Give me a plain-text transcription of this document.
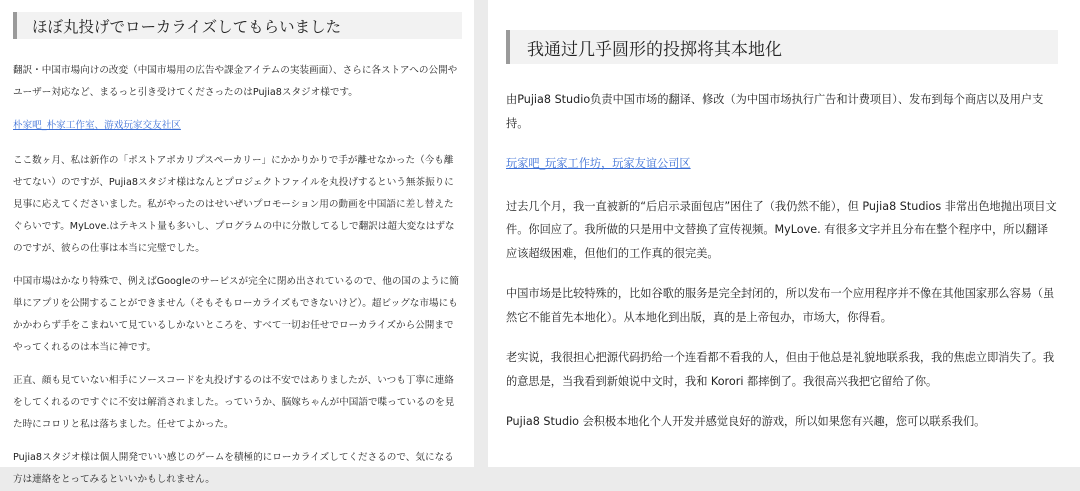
ほぼ丸投げでローカライズしてもらいました

翻訳・中国市場向けの改変（中国市場用の広告や課金アイテムの実装画面）、さらに各ストアへの公開やユーザー対応など、まるっと引き受けてくださったのはPujia8スタジオ様です。

朴家吧_朴家工作室、游戏玩家交友社区

ここ数ヶ月、私は新作の「ポストアポカリプスペーカリー」にかかりかりで手が離せなかった（今も離せてない）のですが、Pujia8スタジオ様はなんとプロジェクトファイルを丸投げするという無茶振りに見事に応えてくださいました。私がやったのはせいぜいプロモーション用の動画を中国語に差し替えたぐらいです。MyLove.はテキスト量も多いし、プログラムの中に分散してるしで翻訳は超大変なはずなのですが、彼らの仕事は本当に完璧でした。

中国市場はかなり特殊で、例えばGoogleのサービスが完全に閉め出されているので、他の国のように簡単にアプリを公開することができません（そもそもローカライズもできないけど）。超ビッグな市場にもかかわらず手をこまねいて見ているしかないところを、すべて一切お任せでローカライズから公開までやってくれるのは本当に神です。

正直、顔も見ていない相手にソースコードを丸投げするのは不安ではありましたが、いつも丁寧に連絡をしてくれるのですぐに不安は解消されました。っていうか、脳嫁ちゃんが中国語で喋っているのを見た時にコロリと私は落ちました。任せてよかった。

Pujia8スタジオ様は個人開発でいい感じのゲームを積極的にローカライズしてくださるので、気になる方は連絡をとってみるといいかもしれません。

我通过几乎圆形的投掷将其本地化

由Pujia8 Studio负责中国市场的翻译、修改（为中国市场执行广告和计费项目）、发布到每个商店以及用户支持。

玩家吧_玩家工作坊，玩家友谊公司区

过去几个月，我一直被新的“后启示录面包店”困住了（我仍然不能），但 Pujia8 Studios 非常出色地抛出项目文件。你回应了。我所做的只是用中文替换了宣传视频。MyLove. 有很多文字并且分布在整个程序中，所以翻译应该超级困难，但他们的工作真的很完美。

中国市场是比较特殊的，比如谷歌的服务是完全封闭的，所以发布一个应用程序并不像在其他国家那么容易（虽然它不能首先本地化）。从本地化到出版，真的是上帝包办，市场大，你得看。

老实说，我很担心把源代码扔给一个连看都不看我的人，但由于他总是礼貌地联系我，我的焦虑立即消失了。我的意思是，当我看到新娘说中文时，我和 Korori 都摔倒了。我很高兴我把它留给了你。

Pujia8 Studio 会积极本地化个人开发并感觉良好的游戏，所以如果您有兴趣，您可以联系我们。
